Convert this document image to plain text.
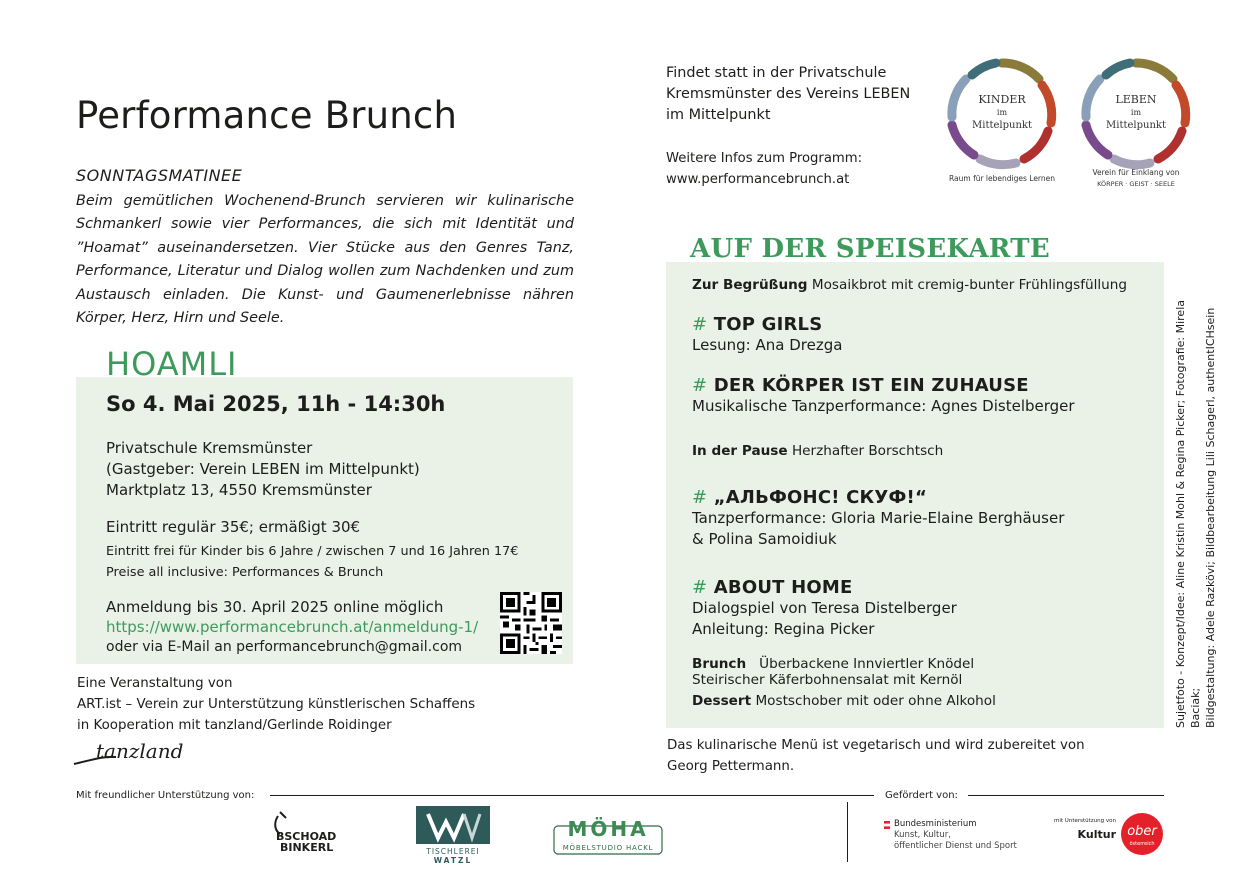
Performance Brunch
SONNTAGSMATINEE
Beim gemütlichen Wochenend-Brunch servieren wir kulinarische Schmankerl sowie vier Performances, die sich mit Identität und ”Hoamat” auseinandersetzen. Vier Stücke aus den Genres Tanz, Performance, Literatur und Dialog wollen zum Nachdenken und zum Austausch einladen. Die Kunst- und Gaumenerlebnisse nähren Körper, Herz, Hirn und Seele.
HOAMLI
So 4. Mai 2025, 11h - 14:30h
Privatschule Kremsmünster
(Gastgeber: Verein LEBEN im Mittelpunkt)
Marktplatz 13, 4550 Kremsmünster
Eintritt regulär 35€; ermäßigt 30€
Eintritt frei für Kinder bis 6 Jahre / zwischen 7 und 16 Jahren 17€
Preise all inclusive: Performances & Brunch
Anmeldung bis 30. April 2025 online möglich
https://www.performancebrunch.at/anmeldung-1/
oder via E-Mail an performancebrunch@gmail.com
Eine Veranstaltung von
ART.ist – Verein zur Unterstützung künstlerischen Schaffens
in Kooperation mit tanzland/Gerlinde Roidinger
tanzland
Findet statt in der Privatschule
Kremsmünster des Vereins LEBEN
im Mittelpunkt
Weitere Infos zum Programm:
www.performancebrunch.at
KINDER
im
Mittelpunkt
Raum für lebendiges Lernen
LEBEN
im
Mittelpunkt
Verein für Einklang von
KÖRPER · GEIST · SEELE
AUF DER SPEISEKARTE
Zur Begrüßung Mosaikbrot mit cremig-bunter Frühlingsfüllung
# TOP GIRLS
Lesung: Ana Drezga
# DER KÖRPER IST EIN ZUHAUSE
Musikalische Tanzperformance: Agnes Distelberger
In der Pause Herzhafter Borschtsch
# „АЛЬФОНС! СКУФ!“
Tanzperformance: Gloria Marie-Elaine Berghäuser
& Polina Samoidiuk
# ABOUT HOME
Dialogspiel von Teresa Distelberger
Anleitung: Regina Picker
Brunch Überbackene Innviertler Knödel
Steirischer Käferbohnensalat mit Kernöl
Dessert Mostschober mit oder ohne Alkohol
Das kulinarische Menü ist vegetarisch und wird zubereitet von
Georg Pettermann.
Sujetfoto - Konzept/Idee: Aline Kristin Mohl & Regina Picker; Fotografie: Mirela Baciak; Bildgestaltung: Adele Razkövi; Bildbearbeitung Lili Schagerl, authentICHsein
Mit freundlicher Unterstützung von:	Gefördert von:
BSCHOAD
BINKERL	TISCHLEREI
WATZL
MÖHA
MÖBELSTUDIO HACKL
Bundesministerium
Kunst, Kultur,
öffentlicher Dienst und Sport
mit Unterstützung von
Kultur ober
österreich
